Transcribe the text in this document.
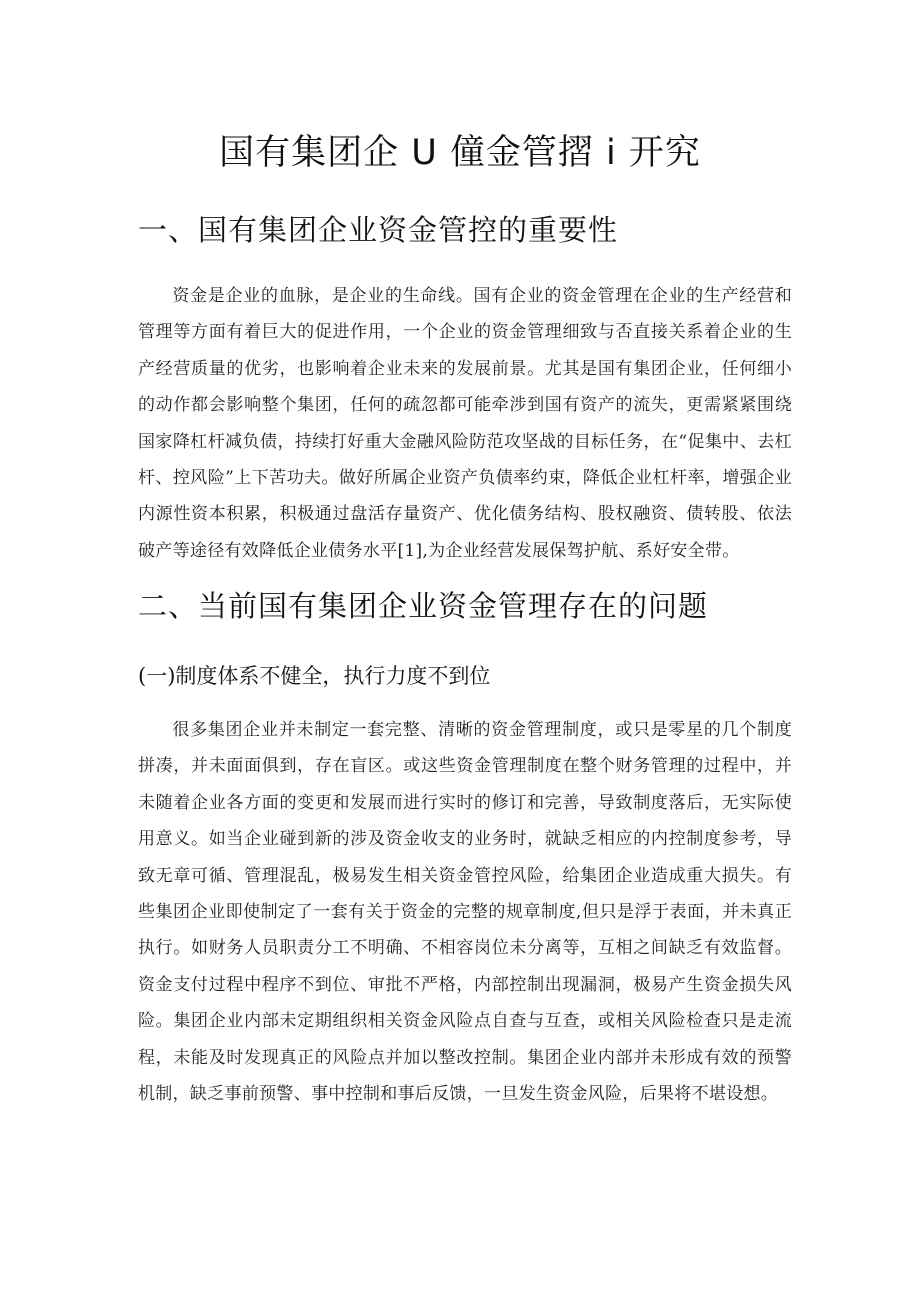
国有集团企 U 僮金管摺 i 开究
一、国有集团企业资金管控的重要性

资金是企业的血脉，是企业的生命线。国有企业的资金管理在企业的生产经营和管理等方面有着巨大的促进作用，一个企业的资金管理细致与否直接关系着企业的生产经营质量的优劣，也影响着企业未来的发展前景。尤其是国有集团企业，任何细小的动作都会影响整个集团，任何的疏忽都可能牵涉到国有资产的流失，更需紧紧围绕国家降杠杆减负债，持续打好重大金融风险防范攻坚战的目标任务，在“促集中、去杠杆、控风险”上下苦功夫。做好所属企业资产负债率约束，降低企业杠杆率，增强企业内源性资本积累，积极通过盘活存量资产、优化债务结构、股权融资、债转股、依法破产等途径有效降低企业债务水平[1],为企业经营发展保驾护航、系好安全带。

二、当前国有集团企业资金管理存在的问题
(一)制度体系不健全，执行力度不到位

很多集团企业并未制定一套完整、清晰的资金管理制度，或只是零星的几个制度拼凑，并未面面俱到，存在盲区。或这些资金管理制度在整个财务管理的过程中，并未随着企业各方面的变更和发展而进行实时的修订和完善，导致制度落后，无实际使用意义。如当企业碰到新的涉及资金收支的业务时，就缺乏相应的内控制度参考，导致无章可循、管理混乱，极易发生相关资金管控风险，给集团企业造成重大损失。有些集团企业即使制定了一套有关于资金的完整的规章制度,但只是浮于表面，并未真正执行。如财务人员职责分工不明确、不相容岗位未分离等，互相之间缺乏有效监督。资金支付过程中程序不到位、审批不严格，内部控制出现漏洞，极易产生资金损失风险。集团企业内部未定期组织相关资金风险点自查与互查，或相关风险检查只是走流程，未能及时发现真正的风险点并加以整改控制。集团企业内部并未形成有效的预警机制，缺乏事前预警、事中控制和事后反馈，一旦发生资金风险，后果将不堪设想。
